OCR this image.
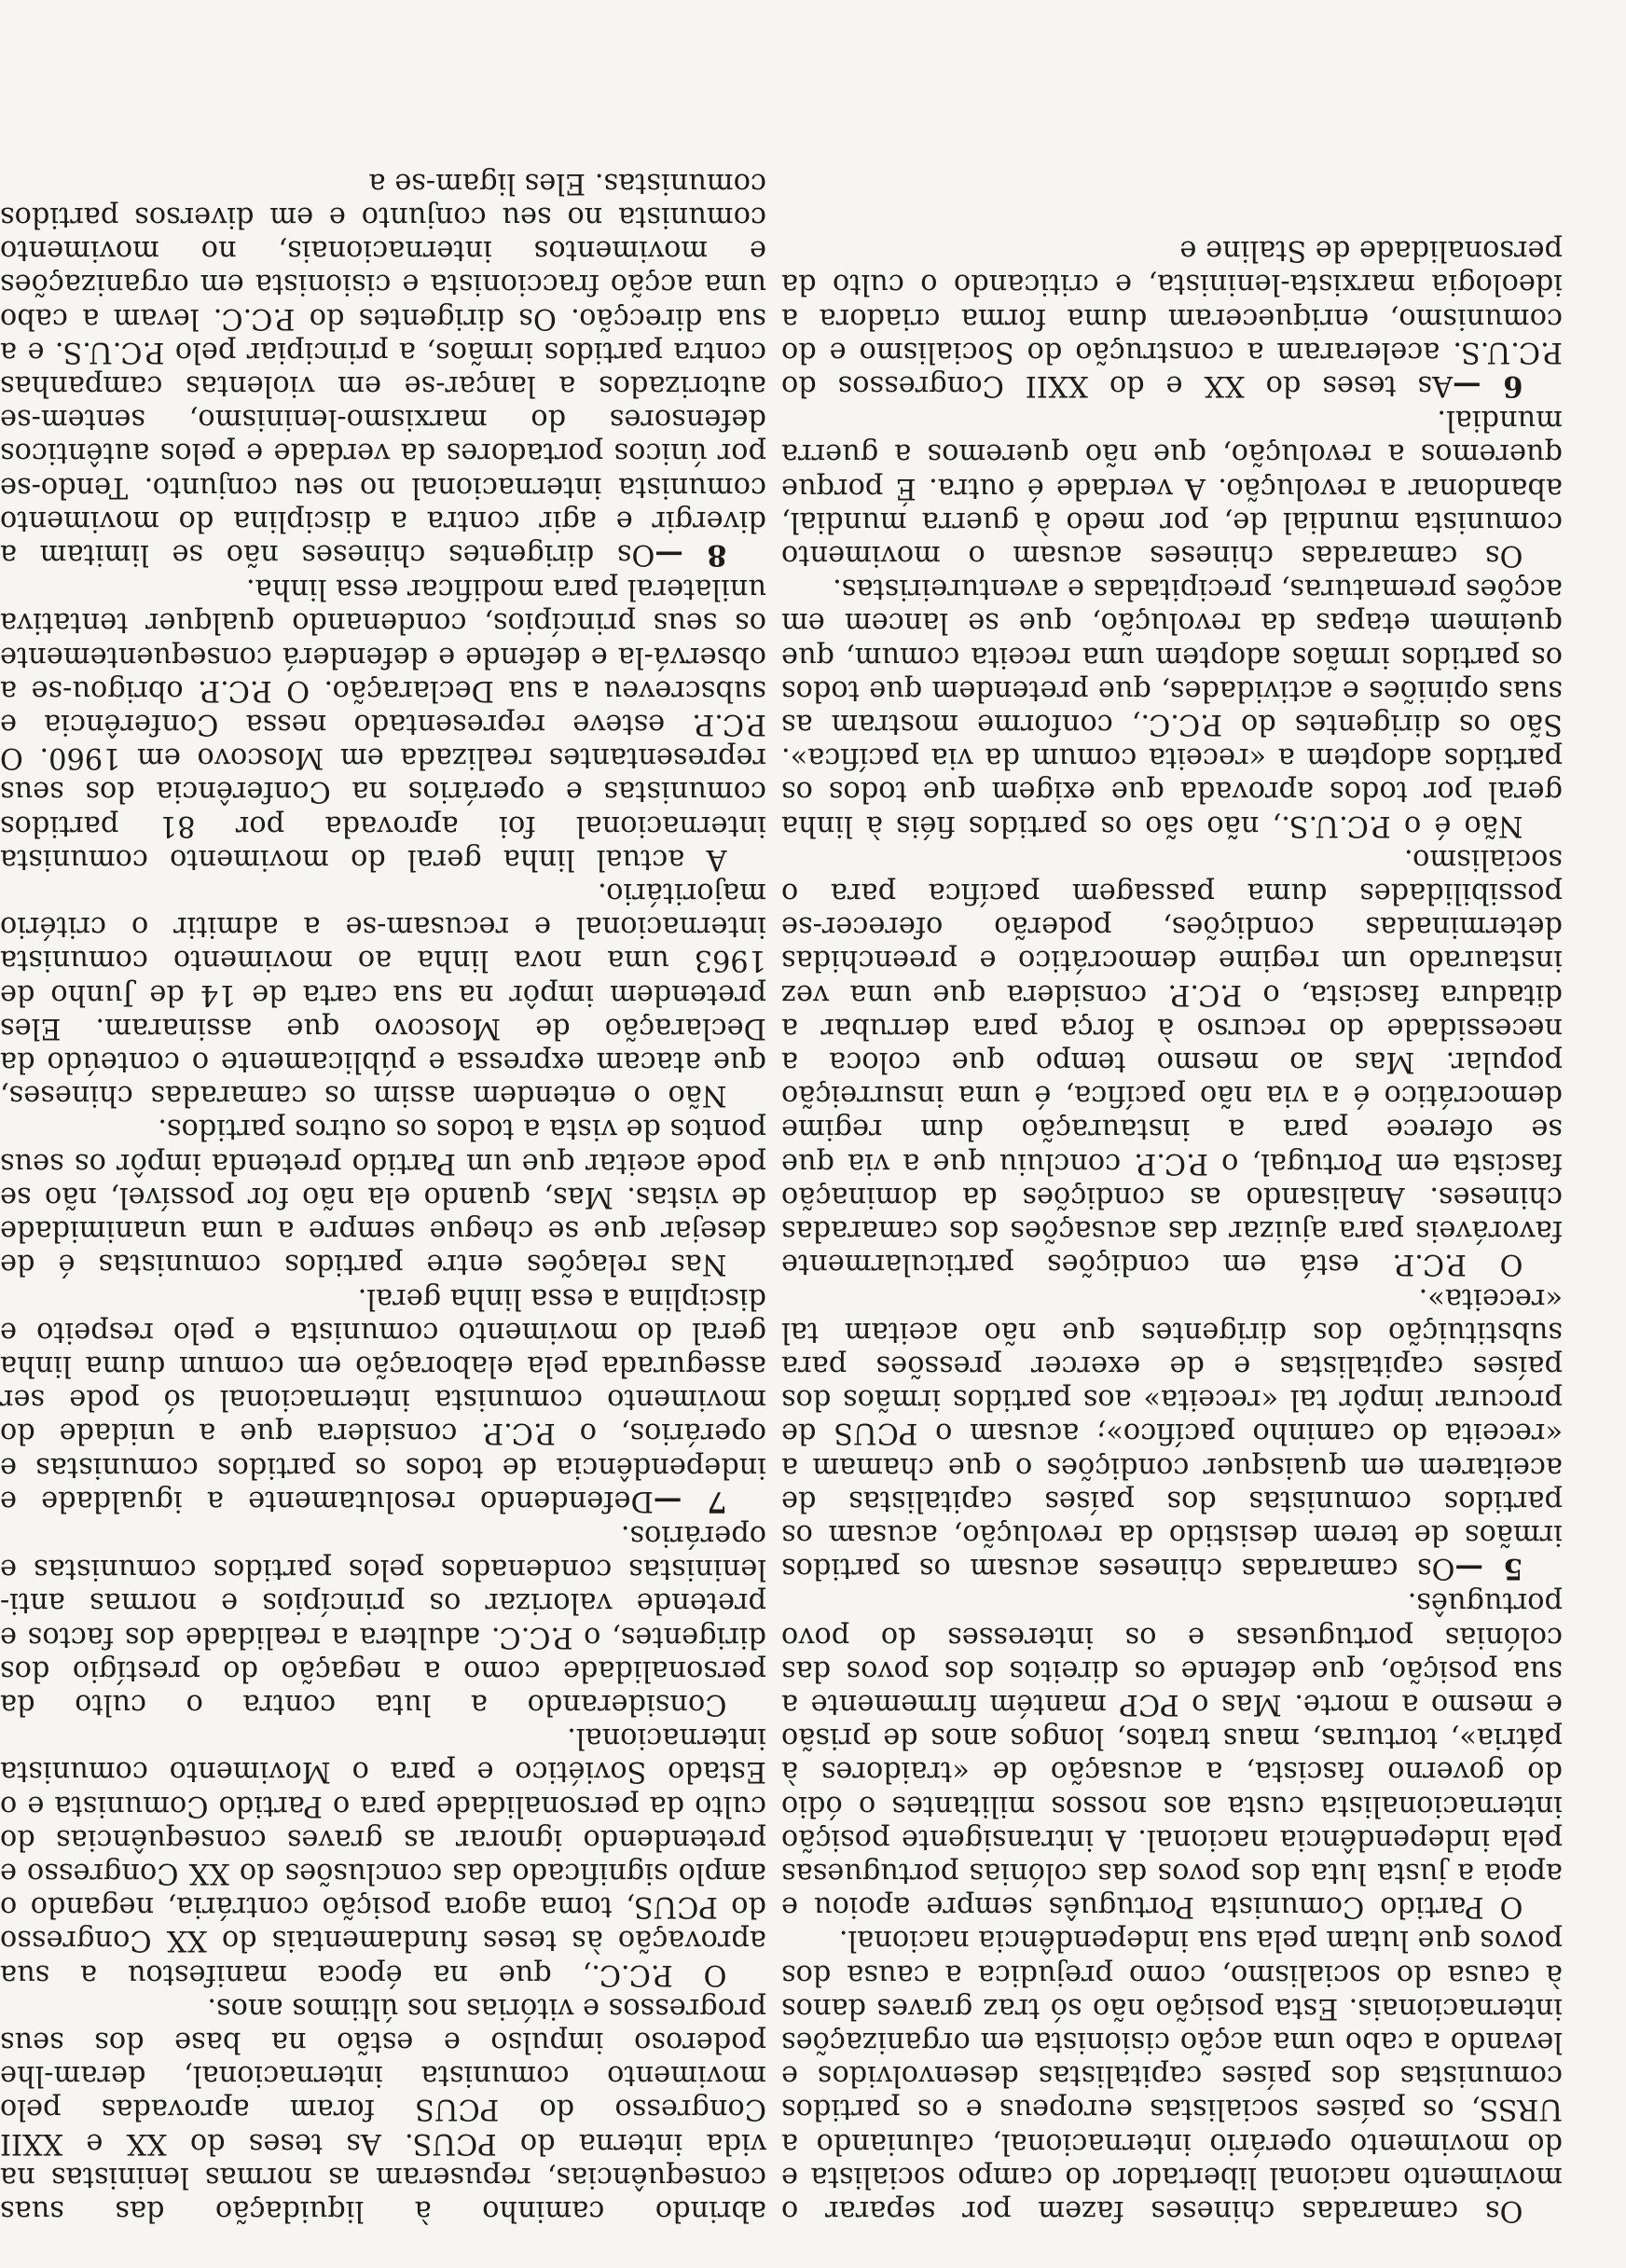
Os camaradas chineses fazem por separar o movimento nacional libertador do campo socialista e do movimento operário internacional, caluniando a URSS, os países socialistas europeus e os partidos comunistas dos países capitalistas desenvolvidos e levando a cabo uma acção cisionista em organizações internacionais. Esta posição não só traz graves danos à causa do socialismo, como prejudica a causa dos povos que lutam pela sua independência nacional.

O Partido Comunista Português sempre apoiou e apoia a justa luta dos povos das colónias portuguesas pela independência nacional. A intransigente posição internacionalista custa aos nossos militantes o ódio do governo fascista, a acusação de «traidores à pátria», torturas, maus tratos, longos anos de prisão e mesmo a morte. Mas o PCP mantém firmemente a sua posição, que defende os direitos dos povos das colónias portuguesas e os interesses do povo português.

5 —Os camaradas chineses acusam os partidos irmãos de terem desistido da revolução, acusam os partidos comunistas dos países capitalistas de aceitarem em quaisquer condições o que chamam a «receita do caminho pacífico»; acusam o PCUS de procurar impôr tal «receita» aos partidos irmãos dos países capitalistas e de exercer pressões para substituição dos dirigentes que não aceitam tal «receita».

O P.C.P. está em condições particularmente favoráveis para ajuizar das acusações dos camaradas chineses. Analisando as condições da dominação fascista em Portugal, o P.C.P. concluiu que a via que se oferece para a instauração dum regime democrático é a via não pacífica, é uma insurreição popular. Mas ao mesmo tempo que coloca a necessidade do recurso à força para derrubar a ditadura fascista, o P.C.P. considera que uma vez instaurado um regime democrático e preenchidas determinadas condições, poderão oferecer-se possibilidades duma passagem pacífica para o socialismo.

Não é o P.C.U.S., não são os partidos fiéis à linha geral por todos aprovada que exigem que todos os partidos adoptem a «receita comum da via pacífica». São os dirigentes do P.C.C., conforme mostram as suas opiniões e actividades, que pretendem que todos os partidos irmãos adoptem uma receita comum, que queimem etapas da revolução, que se lancem em acções prematuras, precipitadas e aventureiristas.

Os camaradas chineses acusam o movimento comunista mundial de, por medo à guerra mundial, abandonar a revolução. A verdade é outra. É porque queremos a revolução, que não queremos a guerra mundial.

6 —As teses do XX e do XXII Congressos do P.C.U.S. aceleraram a construção do Socialismo e do comunismo, enriqueceram duma forma criadora a ideologia marxista-leninista, e criticando o culto da personalidade de Staline e

abrindo caminho à liquidação das suas consequências, repuseram as normas leninistas na vida interna do PCUS. As teses do XX e XXII Congresso do PCUS foram aprovadas pelo movimento comunista internacional, deram-lhe poderoso impulso e estão na base dos seus progressos e vitórias nos últimos anos.

O P.C.C., que na época manifestou a sua aprovação às teses fundamentais do XX Congresso do PCUS, toma agora posição contrária, negando o amplo significado das conclusões do XX Congresso e pretendendo ignorar as graves consequências do culto da personalidade para o Partido Comunista e o Estado Soviético e para o Movimento comunista internacional.

Considerando a luta contra o culto da personalidade como a negação do prestígio dos dirigentes, o P.C.C. adultera a realidade dos factos e pretende valorizar os princípios e normas anti-leninistas condenados pelos partidos comunistas e operários.

7 —Defendendo resolutamente a igualdade e independência de todos os partidos comunistas e operários, o P.C.P. considera que a unidade do movimento comunista internacional só pode ser assegurada pela elaboração em comum duma linha geral do movimento comunista e pelo respeito e disciplina a essa linha geral.

Nas relações entre partidos comunistas é de desejar que se chegue sempre a uma unanimidade de vistas. Mas, quando ela não for possível, não se pode aceitar que um Partido pretenda impôr os seus pontos de vista a todos os outros partidos.

Não o entendem assim os camaradas chineses, que atacam expressa e públicamente o conteúdo da Declaração de Moscovo que assinaram. Eles pretendem impôr na sua carta de 14 de Junho de 1963 uma nova linha ao movimento comunista internacional e recusam-se a admitir o critério majoritário.

A actual linha geral do movimento comunista internacional foi aprovada por 81 partidos comunistas e operários na Conferência dos seus representantes realizada em Moscovo em 1960. O P.C.P. esteve representado nessa Conferência e subscreveu a sua Declaração. O P.C.P. obrigou-se a observá-la e defende e defenderá consequentemente os seus princípios, condenando qualquer tentativa unilateral para modificar essa linha.

8 —Os dirigentes chineses não se limitam a divergir e agir contra a disciplina do movimento comunista internacional no seu conjunto. Tendo-se por únicos portadores da verdade e pelos autênticos defensores do marxismo-leninismo, sentem-se autorizados a lançar-se em violentas campanhas contra partidos irmãos, a principiar pelo P.C.U.S. e a sua direcção. Os dirigentes do P.C.C. levam a cabo uma acção fraccionista e cisionista em organizações e movimentos internacionais, no movimento comunista no seu conjunto e em diversos partidos comunistas. Eles ligam-se a
